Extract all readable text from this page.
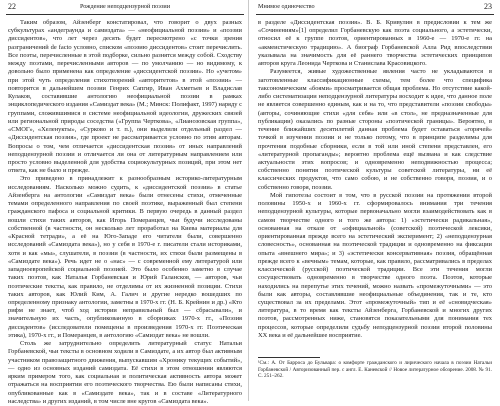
22	Рождение неподцензурной поэзии

Таким образом, Айзенберг констатировал, что говорит о двух разных субкультурах «андеграунда и самиздата» — «неофициальной поэзии» и «поэзии диссидентов», что лет через десять будет пересмотрено «с точки зрения разграничений de facto условно, списком «поэзию диссидентов» стоит перечислить. Все поэты, перечисленные в этой подборке, сильно разнятся между собой. Сходству между поэтами, перечисленными авторов — по умолчанию — но видимому, к довольно было применена как определение «диссидентской поэзии». Но «учетом» при этой чуть определения стихотворений «авторитетов» в этой «поэзии» — повторится в дальнейшем поэзии Генрих Сапгир, Иван Ахметьев и Владислав Кулаков, составившие антологию неофициальной поэзии в рамках энциклопедического издания «Самиздат века» (М.; Минск: Полифакт, 1997) наряду с группами, сложившимися в системе неофициальной идеологии, дружеских связей или региональной природы соседства («Группа Черткова», «Лианозовская группа», «СМОГ», «Хеленукты», «Сурково и т. п.), они выделили отдельный раздел — «Диссидентская поэзия», где проект не рассматривается условно по этим авторам. Вопросы о том, чем отличается «диссидентская поэзия» от иных направлений неподцензурной поэзии и отличается ли она от литературным направлением или просто условно выделенной для удобства социокультурных позиций, при этом нет ответа, как не было и прежде.

Это приведено в принадлежит к разнообразным историко-литературным исследованиям. Насколько можно судить, к «диссидентской поэзии» в статье Айзенберга на антологии «Самиздат века» были отнесены стихи, отмеченные темами определенного направления по своей поэтике, выраженный был степени гражданского пафоса и социальной критики. В первую очередь в данный раздел вошли стихи таких авторов, как Игорь Померанцев, чьи будучи исследованы собственной (в частности, он несколько лет проработал на Киева материалы для «Красной тетради», а её на Юго-Западе его читатели были, совершенно исследований «Самиздата века»), но у себя в 1970-е г. писатели стали историками, хотя и как «мы», слушатели, в поэзии (в частности, их стихи были размещены в «Самиздате века»). Речь идет не о «нас» — с современной ему литературой или западноевропейской социальной поэзией. Это было особенно заметно в случае таких поэтов, как Наталья Горбаневская и Юрий Галансков, — авторов, чьи поэтические тексты, как правило, не отделимы от их жизненной позиции. Стихи таких авторов, как Юлий Ким, А. Галич и другие нередко вошедших по определенному признаку антологии, заметны в 1970-х гг. (Н. Б. Крейнин и др.) «Кто рифм не знает, чтоб ход истории неправильный был — сбрасывали», и значительную их часть, опубликованную в сборниках 1970-х гг., «Поэзия диссидентов» (исследователи помещены в произведения 1970-х гг. Поэтическая этика), 1970-х гг., и Померанцев, в антологию «Самиздат века» не вошли.

Столь же затруднительно определить литературный статус Натальи Горбаневской, чьи тексты в основном ходили в Самиздате, а их автор был активным участником правозащитного движения, выпускавшим «Хронику текущих событий», — одно из основных изданий самиздата. Её стихи в этом отношении являются ярким примером того, как социальная и политическая активность автора может отражаться на восприятии его поэтического творчества. Ею были написаны стихи, опубликованные как в «Самиздате века», так и в составе «Литературного наследства» и других изданий, в том числе вне кругов «Самиздата века».

Мнимое одиночество	23

в разделе «Диссидентская поэзия». В. Б. Кривулин в предисловии к тем же «Сочинениям»[1] определил Горбаневскую как поэта социального, а эстетически, относил её к группе поэтов, ориентированных в 1960-е — 1970-е гг. на «акмеистическую традицию». А биограф Горбаневской Алла Рид впоследствии указывала на значимость для её раннего творчества эстетических принципов авторов круга Леонида Черткова и Станислава Красовицкого.

Разумеется, живые художественные явления часто не укладываются в заготовленные классификационные схемы, тем более что специфика таксономическим «боями» просматривается общая проблема. Но отсутствие какой-либо систематизации неподцензурной литературы восходит к идее, что данное поле не является совершенно единым, как и на то, что представители «поэзии свободы» (авторы, сочиняющие стихи «для себя» или «в стол», не предназначенные для публикации) оказались по разные стороны «поэтической границы». Вероятно, в течение ближайших десятилетий данная проблема будет оставаться «горячей» точкой в изучении поэзии и не только потому, что в принципе разделимы для прочтения подобные сборники, если в той или иной степени представлен, его «литературной пропаганды»; вероятно проблема ещё вызвана и как следствие актуальности этих вопросов; и одновременно неподвижностью процесса; собственно понятия поэтической культуры советской литературы, ни её классических продуктов, что само собою, и не собственно говоря, поэзия, и о собственно говоря, поэзии.

Мой гипотезы состоит в том, что в русской поэзии на протяжении второй половины 1950-х и 1960-х гг. сформировалось внимания три течения неподцензурной культуры, которые первоначально могли взаимодействовать как в самом творчестве одного и того же автора: 1) «эстетически радикальная», основанная на отказе от «официальной» (советской) поэтической лексики, ориентированная прежде всего на эстетический эксперимент; 2) «неподцензурная словесность», основанная на поэтической традиции и одновременно на фиксации опыта «внешнего мира»; и 3) «эстетически консервативная» поэзия, обращённая прежде всего к «вечным» темам, которые, как правило, рассматривались в пределах классической (русской) поэтической традиции. Все эти течения могли сосуществовать одновременно в творчестве одного поэта. Поэтов, которые находились на перепутье этих течений, можно назвать «промежуточными» — это были как авторы, составлявшие неофициальные объединения, так и те, кто существовал за их пределами. Этот «промежуточный» тип и её «сновидческая» литература, в то время как тексты Айзенберга, Горбаневской и многих других поэтов, рассмотренных ниже, становятся показательными для понимания тех процессов, которые определили судьбу неподцензурной поэзии второй половины XX века и её дальнейшее восприятие.

¹См.: А. От Барроса до Бульвара: о комфорте гражданского и лирического начала в поэзии Натальи Горбаневской / Авторизованный пер. с англ. Е. Каневской // Новое литературное обозрение. 2008. № 91. С. 251–262.
